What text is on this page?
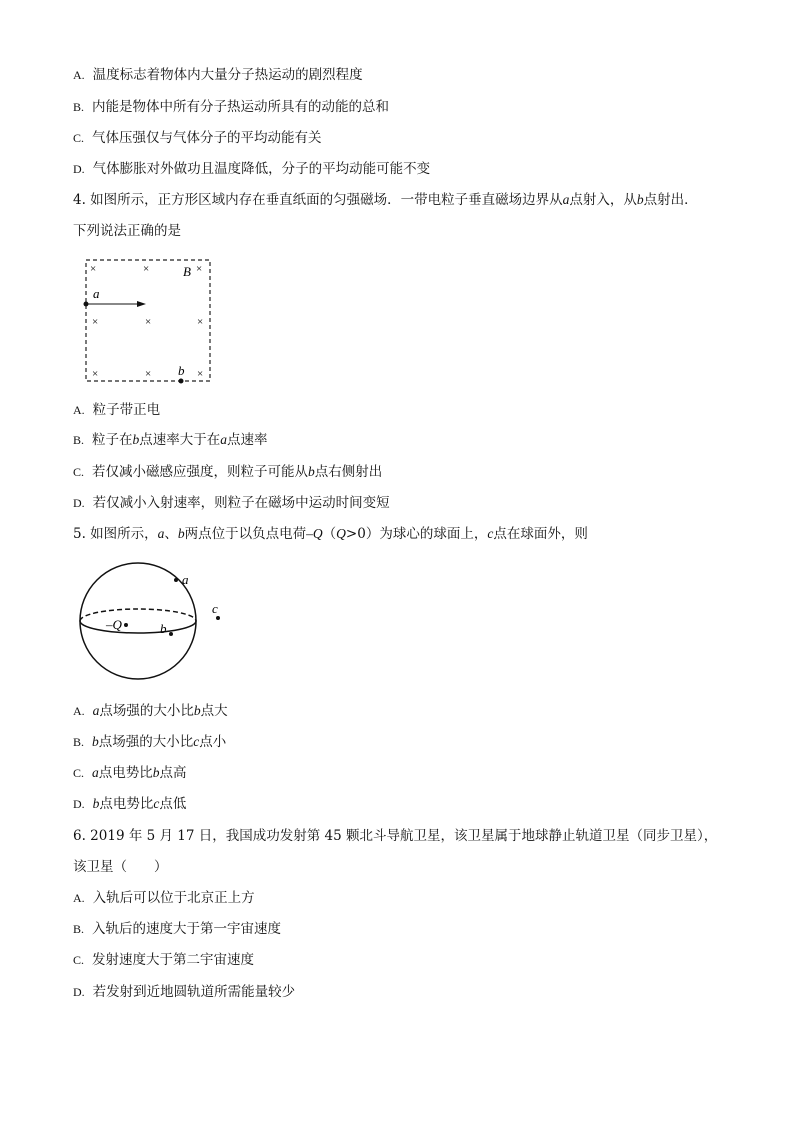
A. 温度标志着物体内大量分子热运动的剧烈程度
B. 内能是物体中所有分子热运动所具有的动能的总和
C. 气体压强仅与气体分子的平均动能有关
D. 气体膨胀对外做功且温度降低，分子的平均动能可能不变
4. 如图所示，正方形区域内存在垂直纸面的匀强磁场．一带电粒子垂直磁场边界从a点射入，从b点射出．
下列说法正确的是
×	×	×
B
×	×	×
×	×	×
a
b
A. 粒子带正电
B. 粒子在b点速率大于在a点速率
C. 若仅减小磁感应强度，则粒子可能从b点右侧射出
D. 若仅减小入射速率，则粒子在磁场中运动时间变短
5. 如图所示，a、b两点位于以负点电荷–Q（Q>0）为球心的球面上，c点在球面外，则
a
–Q	b
c
A. a点场强的大小比b点大
B. b点场强的大小比c点小
C. a点电势比b点高
D. b点电势比c点低
6. 2019 年 5 月 17 日，我国成功发射第 45 颗北斗导航卫星，该卫星属于地球静止轨道卫星（同步卫星），
该卫星（　　）
A. 入轨后可以位于北京正上方
B. 入轨后的速度大于第一宇宙速度
C. 发射速度大于第二宇宙速度
D. 若发射到近地圆轨道所需能量较少
